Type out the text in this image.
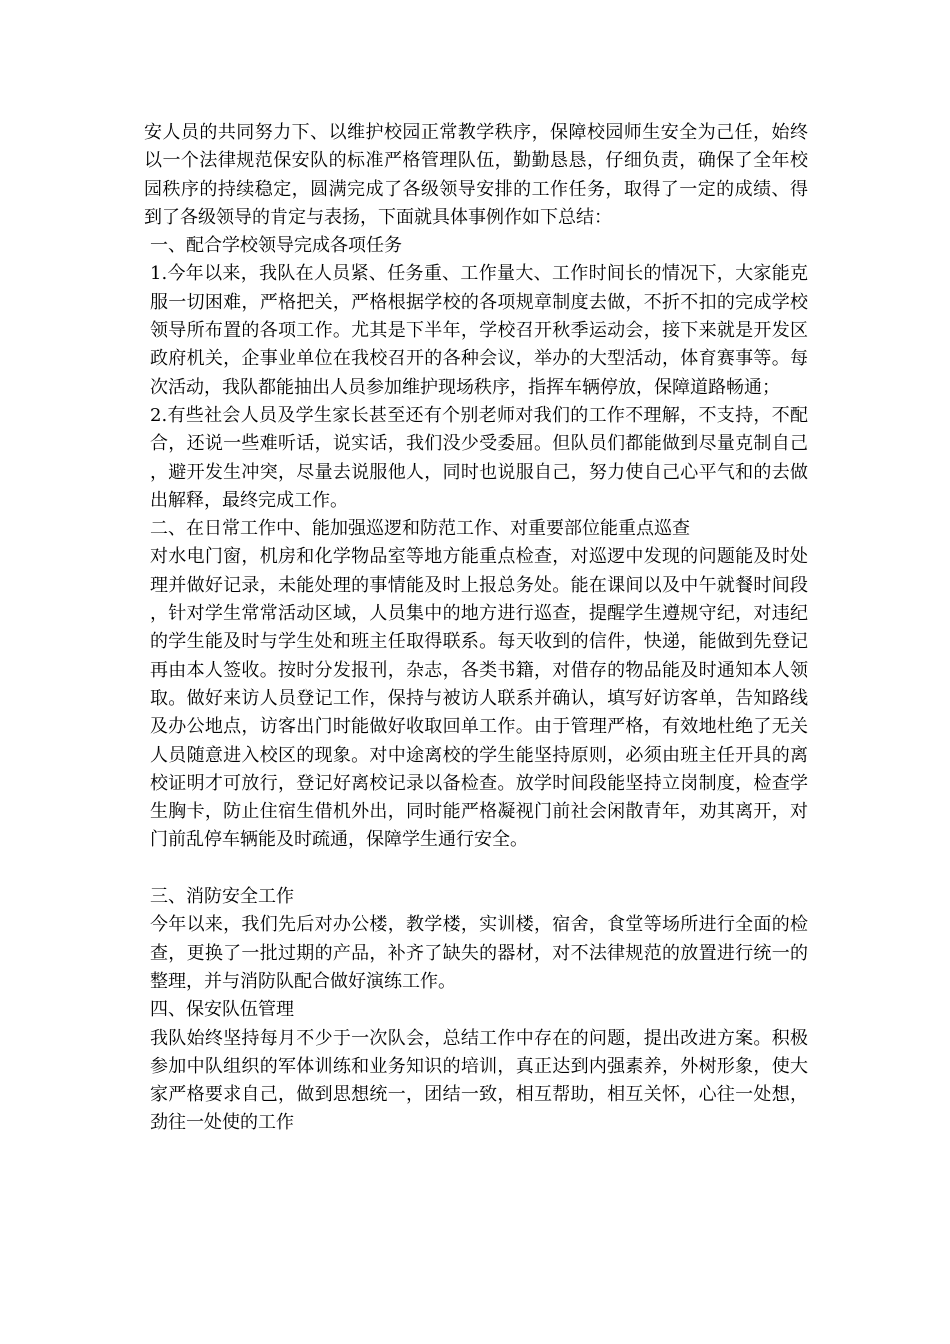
安人员的共同努力下、以维护校园正常教学秩序，保障校园师生安全为己任，始终以一个法律规范保安队的标准严格管理队伍，勤勤恳恳，仔细负责，确保了全年校园秩序的持续稳定，圆满完成了各级领导安排的工作任务，取得了一定的成绩、得到了各级领导的肯定与表扬，下面就具体事例作如下总结：

一、配合学校领导完成各项任务

1.今年以来，我队在人员紧、任务重、工作量大、工作时间长的情况下，大家能克服一切困难，严格把关，严格根据学校的各项规章制度去做，不折不扣的完成学校领导所布置的各项工作。尤其是下半年，学校召开秋季运动会，接下来就是开发区政府机关，企事业单位在我校召开的各种会议，举办的大型活动，体育赛事等。每次活动，我队都能抽出人员参加维护现场秩序，指挥车辆停放，保障道路畅通；

2.有些社会人员及学生家长甚至还有个别老师对我们的工作不理解，不支持，不配合，还说一些难听话，说实话，我们没少受委屈。但队员们都能做到尽量克制自己，避开发生冲突，尽量去说服他人，同时也说服自己，努力使自己心平气和的去做出解释，最终完成工作。

二、在日常工作中、能加强巡逻和防范工作、对重要部位能重点巡查

对水电门窗，机房和化学物品室等地方能重点检查，对巡逻中发现的问题能及时处理并做好记录，未能处理的事情能及时上报总务处。能在课间以及中午就餐时间段，针对学生常常活动区域，人员集中的地方进行巡查，提醒学生遵规守纪，对违纪的学生能及时与学生处和班主任取得联系。每天收到的信件，快递，能做到先登记再由本人签收。按时分发报刊，杂志，各类书籍，对借存的物品能及时通知本人领取。做好来访人员登记工作，保持与被访人联系并确认，填写好访客单，告知路线及办公地点，访客出门时能做好收取回单工作。由于管理严格，有效地杜绝了无关人员随意进入校区的现象。对中途离校的学生能坚持原则，必须由班主任开具的离校证明才可放行，登记好离校记录以备检查。放学时间段能坚持立岗制度，检查学生胸卡，防止住宿生借机外出，同时能严格凝视门前社会闲散青年，劝其离开，对门前乱停车辆能及时疏通，保障学生通行安全。

三、消防安全工作

今年以来，我们先后对办公楼，教学楼，实训楼，宿舍，食堂等场所进行全面的检查，更换了一批过期的产品，补齐了缺失的器材，对不法律规范的放置进行统一的整理，并与消防队配合做好演练工作。

四、保安队伍管理

我队始终坚持每月不少于一次队会，总结工作中存在的问题，提出改进方案。积极参加中队组织的军体训练和业务知识的培训，真正达到内强素养，外树形象，使大家严格要求自己，做到思想统一，团结一致，相互帮助，相互关怀，心往一处想，劲往一处使的工作
